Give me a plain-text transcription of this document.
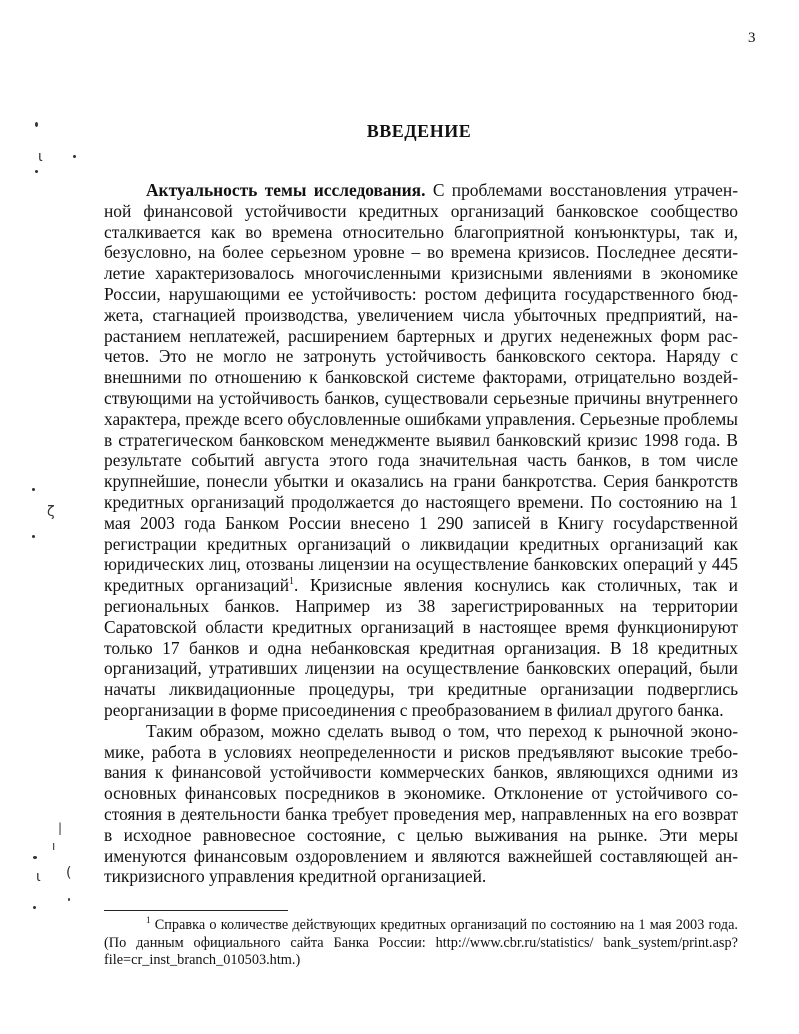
3
ВВЕДЕНИЕ

Актуальность темы исследования. С проблемами восстановления утраченной финансовой устойчивости кредитных организаций банковское сообщество сталкивается как во времена относительно благоприятной конъюнктуры, так и, безусловно, на более серьезном уровне – во времена кризисов. Последнее десятилетие характеризовалось многочисленными кризисными явлениями в экономике России, нарушающими ее устойчивость: ростом дефицита государственного бюджета, стагнацией производства, увеличением числа убыточных предприятий, нарастанием неплатежей, расширением бартерных и других неденежных форм расчетов. Это не могло не затронуть устойчивость банковского сектора. Наряду с внешними по отношению к банковской системе факторами, отрицательно воздействующими на устойчивость банков, существовали серьезные причины внутреннего характера, прежде всего обусловленные ошибками управления. Серьезные проблемы в стратегическом банковском менеджменте выявил банковский кризис 1998 года. В результате событий августа этого года значительная часть банков, в том числе крупнейшие, понесли убытки и оказались на грани банкротства. Серия банкротств кредитных организаций продолжается до настоящего времени. По состоянию на 1 мая 2003 года Банком России внесено 1 290 записей в Книгу госуdарственной регистрации кредитных организаций о ликвидации кредитных организаций как юридических лиц, отозваны лицензии на осуществление банковских операций у 445 кредитных организаций$^1$. Кризисные явления коснулись как столичных, так и региональных банков. Например из 38 зарегистрированных на территории Саратовской области кредитных организаций в настоящее время функционируют только 17 банков и одна небанковская кредитная организация. В 18 кредитных организаций, утративших лицензии на осуществление банковских операций, были начаты ликвидационные процедуры, три кредитные организации подверглись реорганизации в форме присоединения с преобразованием в филиал другого банка.

Таким образом, можно сделать вывод о том, что переход к рыночной экономике, работа в условиях неопределенности и рисков предъявляют высокие требования к финансовой устойчивости коммерческих банков, являющихся одними из основных финансовых посредников в экономике. Отклонение от устойчивого состояния в деятельности банка требует проведения мер, направленных на его возврат в исходное равновесное состояние, с целью выживания на рынке. Эти меры именуются финансовым оздоровлением и являются важнейшей составляющей антикризисного управления кредитной организацией.

$^1$ Справка о количестве действующих кредитных организаций по состоянию на 1 мая 2003 года. (По данным официального сайта Банка России: http://www.cbr.ru/statistics/ bank_system/print.asp?file=cr_inst_branch_010503.htm.)

ι
ζ
|
ı
ι (
